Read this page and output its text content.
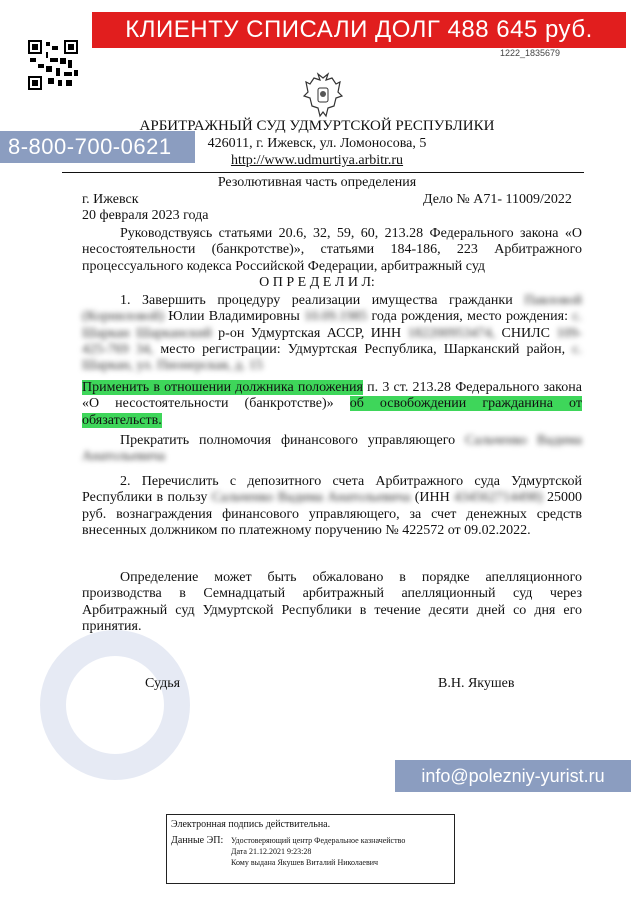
КЛИЕНТУ СПИСАЛИ ДОЛГ 488 645 руб.
1222_1835679
8-800-700-0621
АРБИТРАЖНЫЙ СУД УДМУРТСКОЙ РЕСПУБЛИКИ
426011, г. Ижевск, ул. Ломоносова, 5
http://www.udmurtiya.arbitr.ru
Резолютивная часть определения
г. Ижевск	Дело № А71- 11009/2022
20 февраля 2023 года
Руководствуясь статьями 20.6, 32, 59, 60, 213.28 Федерального закона «О несостоятельности (банкротстве)», статьями 184-186, 223 Арбитражного процессуального кодекса Российской Федерации, арбитражный суд
О П Р Е Д Е Л И Л:
1. Завершить процедуру реализации имущества гражданки Павловой (Корниловой) Юлии Владимировны 10.09.1985 года рождения, место рождения: с. Шаркан Шарканский р-он Удмуртская АССР, ИНН 182200953474, СНИЛС 109-425-769 34, место регистрации: Удмуртская Республика, Шарканский район, с. Шаркан, ул. Пионерская, д. 15
Применить в отношении должника положения п. 3 ст. 213.28 Федерального закона «О несостоятельности (банкротстве)» об освобождении гражданина от обязательств.
Прекратить полномочия финансового управляющего Сальченко Вадима Анатольевича
2. Перечислить с депозитного счета Арбитражного суда Удмуртской Республики в пользу Сальченко Вадима Анатольевича (ИНН 434562714498) 25000 руб. вознаграждения финансового управляющего, за счет денежных средств внесенных должником по платежному поручению № 422572 от 09.02.2022.
Определение может быть обжаловано в порядке апелляционного производства в Семнадцатый арбитражный апелляционный суд через Арбитражный суд Удмуртской Республики в течение десяти дней со дня его принятия.
Судья	В.Н. Якушев
info@polezniy-yurist.ru
Электронная подпись действительна.
Данные ЭП: Удостоверяющий центр Федеральное казначейство
Дата 21.12.2021 9:23:28
Кому выдана Якушев Виталий Николаевич
